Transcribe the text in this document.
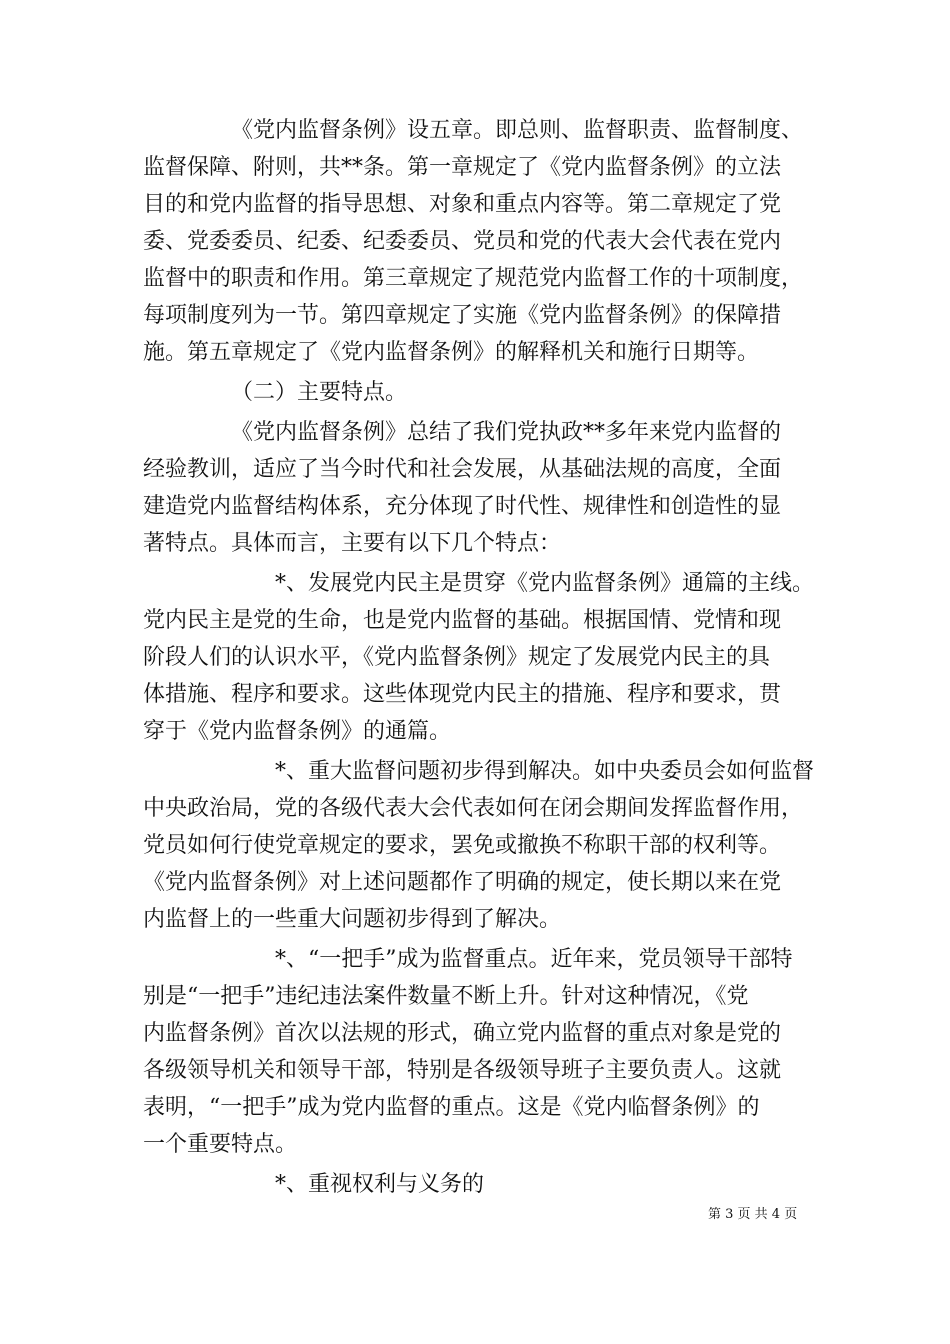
《党内监督条例》设五章。即总则、监督职责、监督制度、
监督保障、附则，共**条。第一章规定了《党内监督条例》的立法
目的和党内监督的指导思想、对象和重点内容等。第二章规定了党
委、党委委员、纪委、纪委委员、党员和党的代表大会代表在党内
监督中的职责和作用。第三章规定了规范党内监督工作的十项制度，
每项制度列为一节。第四章规定了实施《党内监督条例》的保障措
施。第五章规定了《党内监督条例》的解释机关和施行日期等。
（二）主要特点。
《党内监督条例》总结了我们党执政**多年来党内监督的
经验教训，适应了当今时代和社会发展，从基础法规的高度，全面
建造党内监督结构体系，充分体现了时代性、规律性和创造性的显
著特点。具体而言，主要有以下几个特点：
*、发展党内民主是贯穿《党内监督条例》通篇的主线。
党内民主是党的生命，也是党内监督的基础。根据国情、党情和现
阶段人们的认识水平，《党内监督条例》规定了发展党内民主的具
体措施、程序和要求。这些体现党内民主的措施、程序和要求，贯
穿于《党内监督条例》的通篇。
*、重大监督问题初步得到解决。如中央委员会如何监督
中央政治局，党的各级代表大会代表如何在闭会期间发挥监督作用，
党员如何行使党章规定的要求，罢免或撤换不称职干部的权利等。
《党内监督条例》对上述问题都作了明确的规定，使长期以来在党
内监督上的一些重大问题初步得到了解决。
*、“一把手”成为监督重点。近年来，党员领导干部特
别是“一把手”违纪违法案件数量不断上升。针对这种情况，《党
内监督条例》首次以法规的形式，确立党内监督的重点对象是党的
各级领导机关和领导干部，特别是各级领导班子主要负责人。这就
表明，“一把手”成为党内监督的重点。这是《党内临督条例》的
一个重要特点。
*、重视权利与义务的
第 3 页 共 4 页
